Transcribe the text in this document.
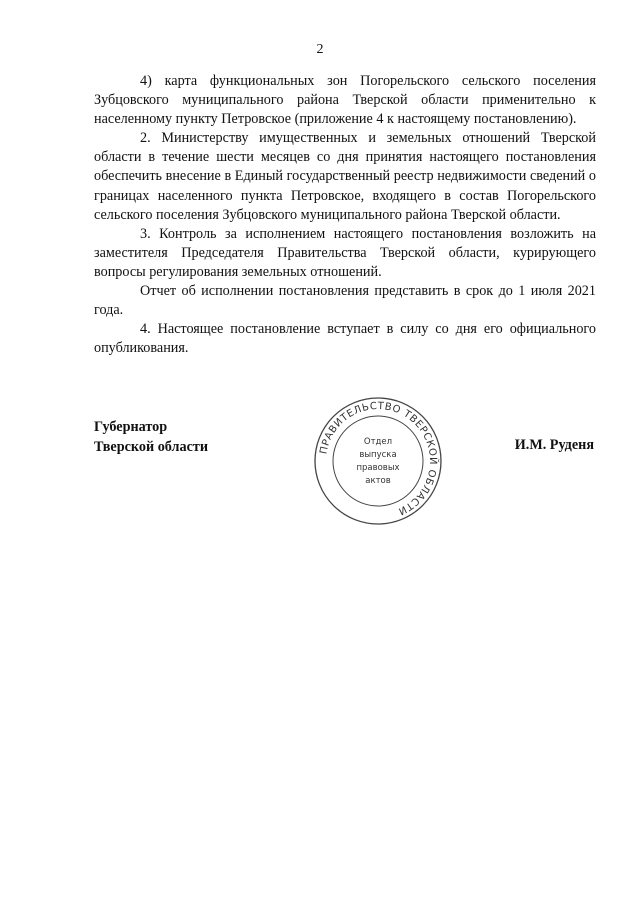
2

4) карта функциональных зон Погорельского сельского поселения Зубцовского муниципального района Тверской области применительно к населенному пункту Петровское (приложение 4 к настоящему постановлению).

2. Министерству имущественных и земельных отношений Тверской области в течение шести месяцев со дня принятия настоящего постановления обеспечить внесение в Единый государственный реестр недвижимости сведений о границах населенного пункта Петровское, входящего в состав Погорельского сельского поселения Зубцовского муниципального района Тверской области.

3. Контроль за исполнением настоящего постановления возложить на заместителя Председателя Правительства Тверской области, курирующего вопросы регулирования земельных отношений.

Отчет об исполнении постановления представить в срок до 1 июля 2021 года.

4. Настоящее постановление вступает в силу со дня его официального опубликования.

Губернатор
Тверской области	И.М. Руденя
ПРАВИТЕЛЬСТВО ТВЕРСКОЙ ОБЛАСТИ
Отдел
выпуска
правовых
актов
